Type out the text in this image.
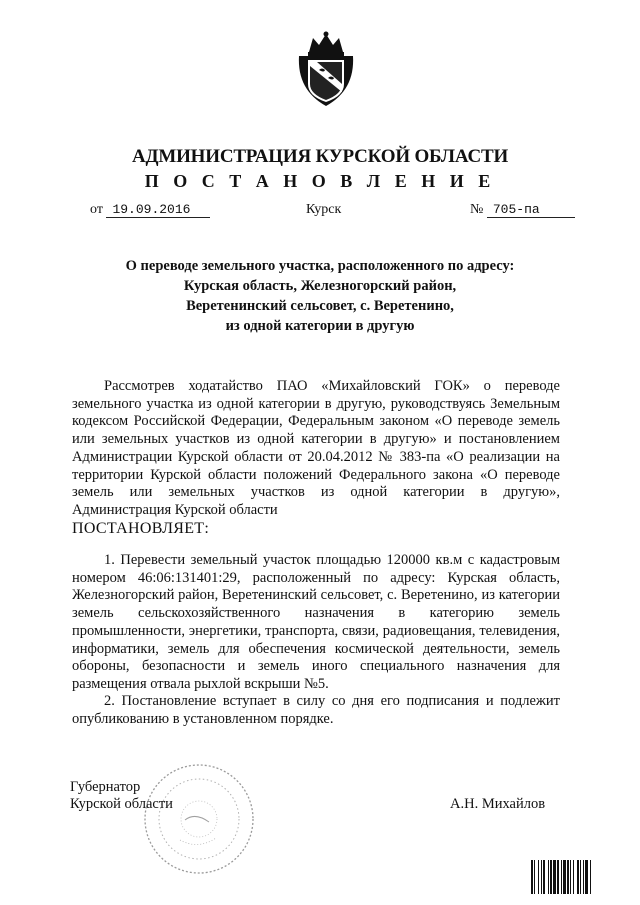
АДМИНИСТРАЦИЯ КУРСКОЙ ОБЛАСТИ
П О С Т А Н О В Л Е Н И Е
от 19.09.2016	Курск	№ 705-па
О переводе земельного участка, расположенного по адресу:
Курская область, Железногорский район,
Веретенинский сельсовет, с. Веретенино,
из одной категории в другую
Рассмотрев ходатайство ПАО «Михайловский ГОК» о переводе земельного участка из одной категории в другую, руководствуясь Земельным кодексом Российской Федерации, Федеральным законом «О переводе земель или земельных участков из одной категории в другую» и постановлением Администрации Курской области от 20.04.2012 № 383-па «О реализации на территории Курской области положений Федерального закона «О переводе земель или земельных участков из одной категории в другую», Администрация Курской области
ПОСТАНОВЛЯЕТ:
1. Перевести земельный участок площадью 120000 кв.м с кадастровым номером 46:06:131401:29, расположенный по адресу: Курская область, Железногорский район, Веретенинский сельсовет, с. Веретенино, из категории земель сельскохозяйственного назначения в категорию земель промышленности, энергетики, транспорта, связи, радиовещания, телевидения, информатики, земель для обеспечения космической деятельности, земель обороны, безопасности и земель иного специального назначения для размещения отвала рыхлой вскрыши №5.
2. Постановление вступает в силу со дня его подписания и подлежит опубликованию в установленном порядке.
Губернатор
Курской области	А.Н. Михайлов
